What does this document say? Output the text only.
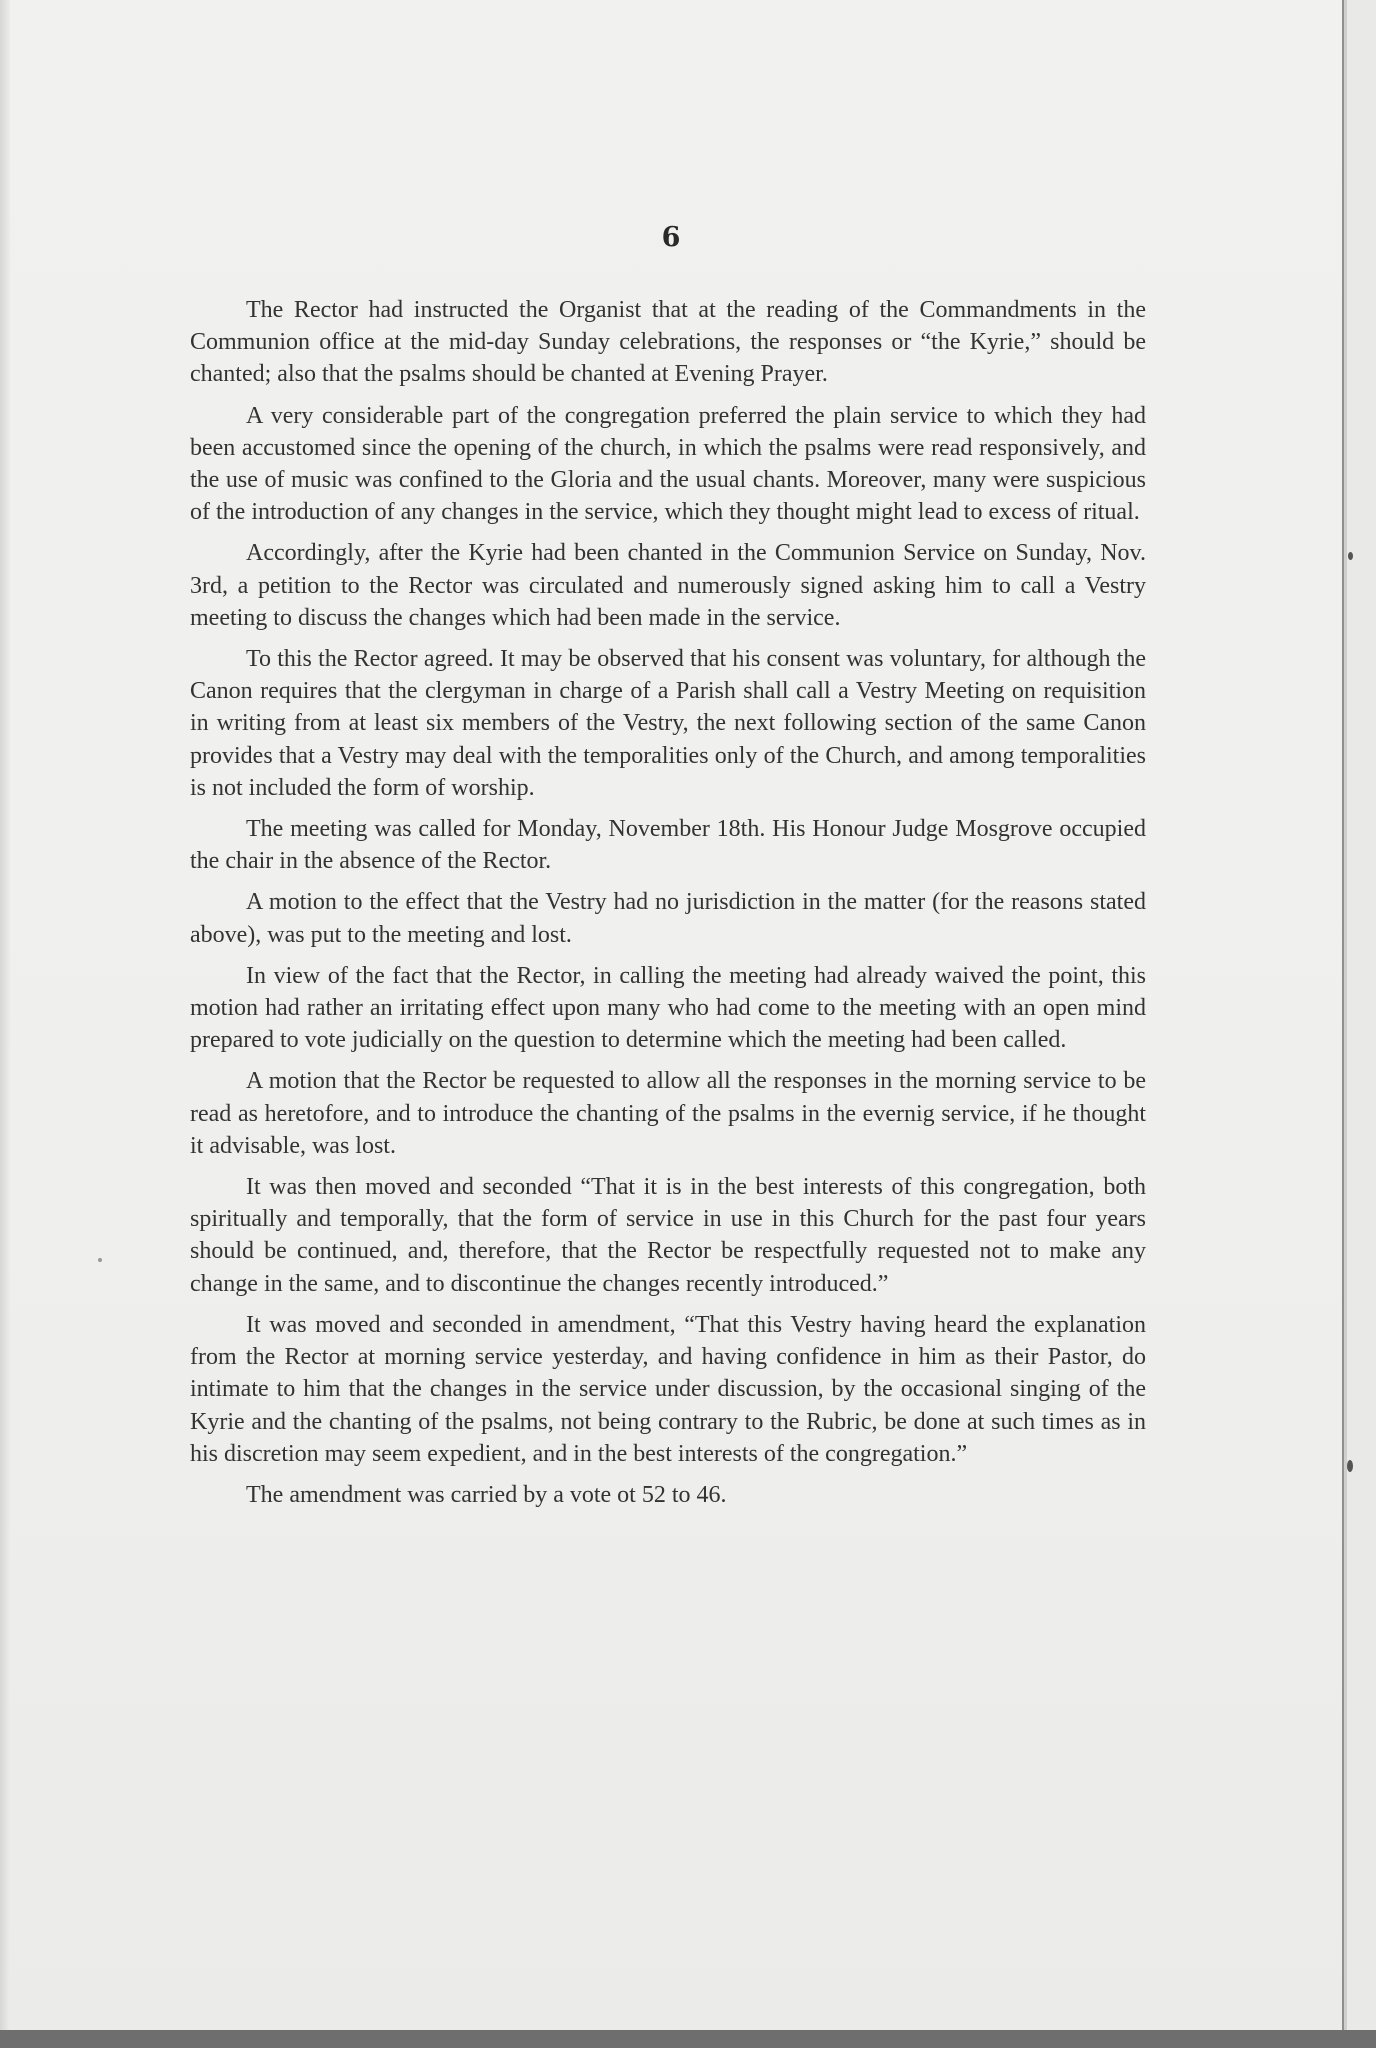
6

The Rector had instructed the Organist that at the reading of the Commandments in the Communion office at the mid-day Sunday celebrations, the responses or “the Kyrie,” should be chanted; also that the psalms should be chanted at Evening Prayer.

A very considerable part of the congregation preferred the plain service to which they had been accustomed since the opening of the church, in which the psalms were read responsively, and the use of music was confined to the Gloria and the usual chants. Moreover, many were suspicious of the introduction of any changes in the service, which they thought might lead to excess of ritual.

Accordingly, after the Kyrie had been chanted in the Communion Service on Sunday, Nov. 3rd, a petition to the Rector was circulated and numerously signed asking him to call a Vestry meeting to discuss the changes which had been made in the service.

To this the Rector agreed. It may be observed that his consent was voluntary, for although the Canon requires that the clergyman in charge of a Parish shall call a Vestry Meeting on requisition in writing from at least six members of the Vestry, the next following section of the same Canon provides that a Vestry may deal with the temporalities only of the Church, and among temporalities is not included the form of worship.

The meeting was called for Monday, November 18th. His Honour Judge Mosgrove occupied the chair in the absence of the Rector.

A motion to the effect that the Vestry had no jurisdiction in the matter (for the reasons stated above), was put to the meeting and lost.

In view of the fact that the Rector, in calling the meeting had already waived the point, this motion had rather an irritating effect upon many who had come to the meeting with an open mind prepared to vote judicially on the question to determine which the meeting had been called.

A motion that the Rector be requested to allow all the responses in the morning service to be read as heretofore, and to introduce the chanting of the psalms in the evernig service, if he thought it advisable, was lost.

It was then moved and seconded “That it is in the best interests of this congregation, both spiritually and temporally, that the form of service in use in this Church for the past four years should be continued, and, therefore, that the Rector be respectfully requested not to make any change in the same, and to discontinue the changes recently introduced.”

It was moved and seconded in amendment, “That this Vestry having heard the explanation from the Rector at morning service yesterday, and having confidence in him as their Pastor, do intimate to him that the changes in the service under discussion, by the occasional singing of the Kyrie and the chanting of the psalms, not being contrary to the Rubric, be done at such times as in his discretion may seem expedient, and in the best interests of the congregation.”

The amendment was carried by a vote ot 52 to 46.
